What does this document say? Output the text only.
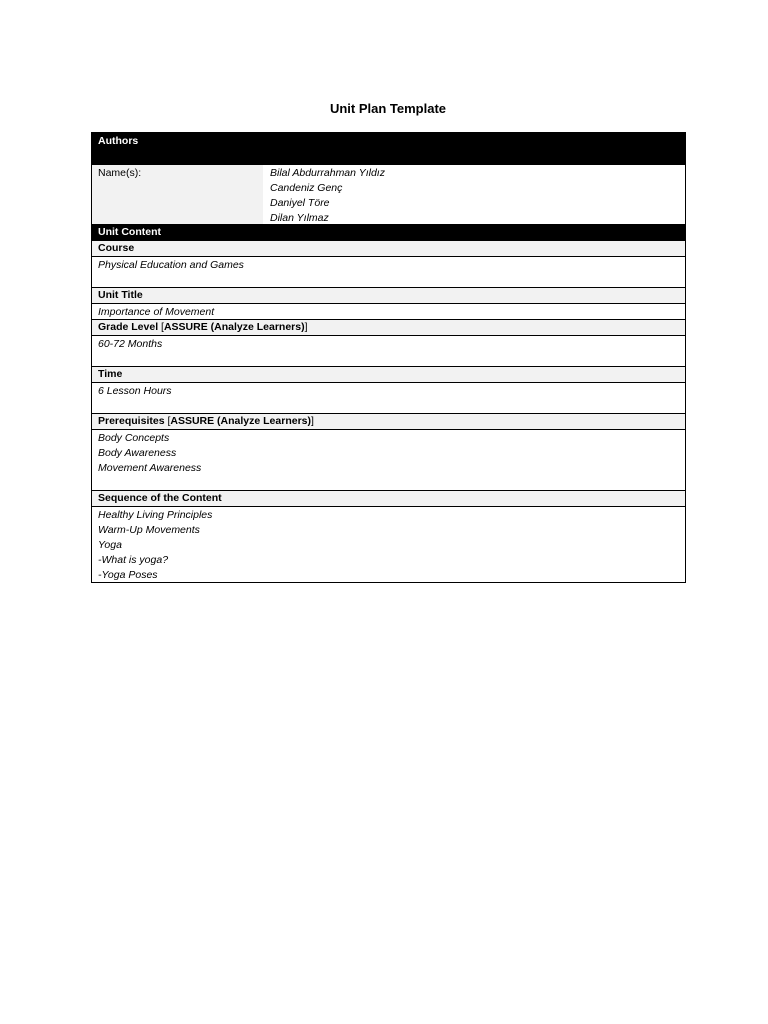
Unit Plan Template
Authors
Name(s):	Bilal Abdurrahman Yıldız
Candeniz Genç
Daniyel Töre
Dilan Yılmaz
Unit Content
Course
Physical Education and Games
Unit Title
Importance of Movement
Grade Level [ASSURE (Analyze Learners)]
60-72 Months
Time
6 Lesson Hours
Prerequisites [ASSURE (Analyze Learners)]
Body Concepts
Body Awareness
Movement Awareness
Sequence of the Content
Healthy Living Principles
Warm-Up Movements
Yoga
-What is yoga?
-Yoga Poses
